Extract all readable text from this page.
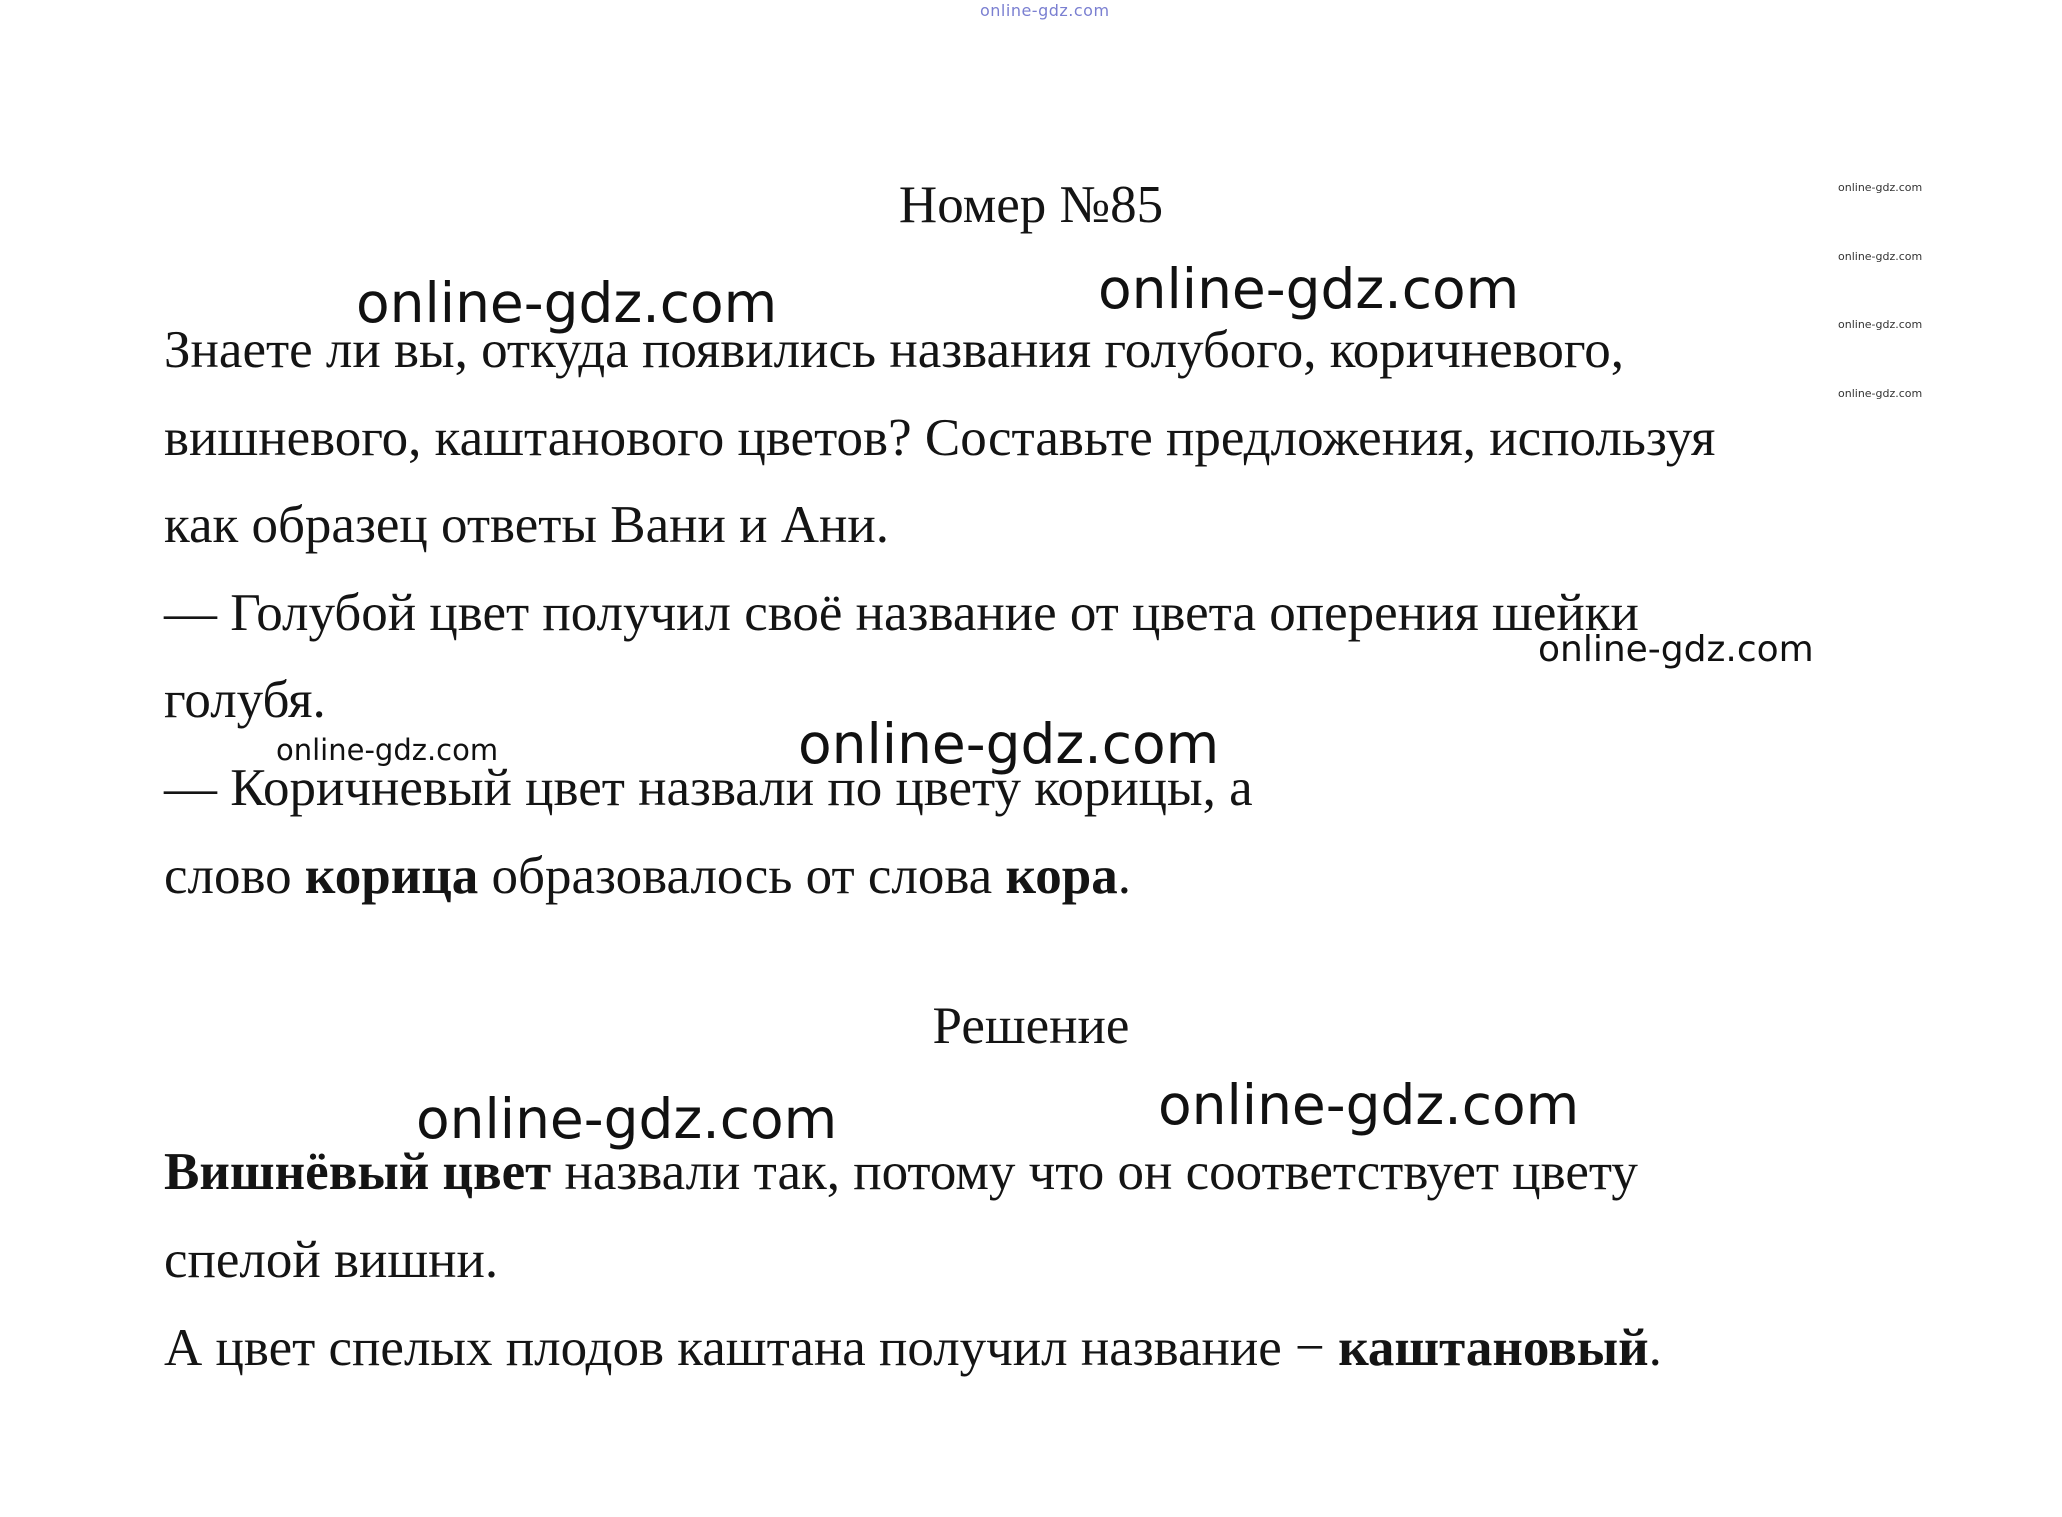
online-gdz.com
Номер №85	online-gdz.com
online-gdz.com
online-gdz.com
online-gdz.com
online-gdz.com	online-gdz.com
Знаете ли вы, откуда появились названия голубого, коричневого,
вишневого, каштанового цветов? Составьте предложения, используя
как образец ответы Вани и Ани.
— Голубой цвет получил своё название от цвета оперения шейки
online-gdz.com
голубя.
online-gdz.com	online-gdz.com
— Коричневый цвет назвали по цвету корицы, а
слово корица образовалось от слова кора.
Решение
online-gdz.com	online-gdz.com
Вишнёвый цвет назвали так, потому что он соответствует цвету
спелой вишни.
А цвет спелых плодов каштана получил название − каштановый.
